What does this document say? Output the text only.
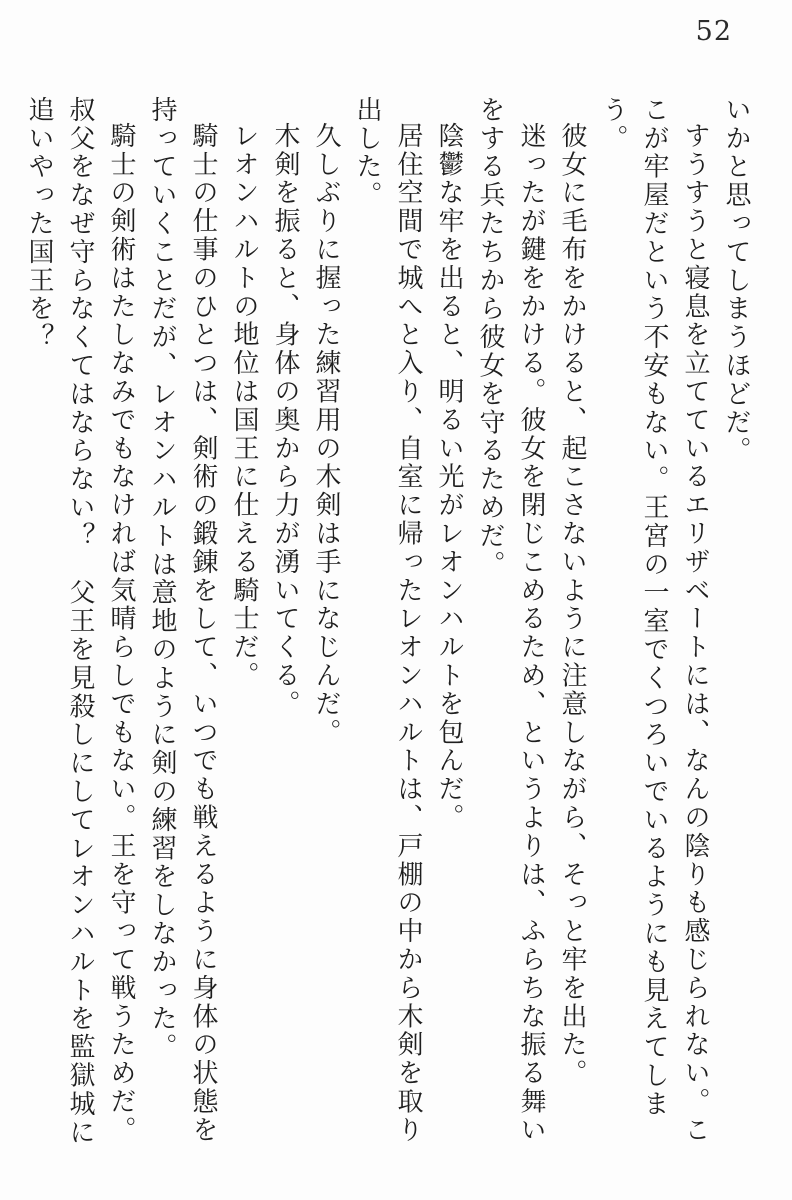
52

いかと思ってしまうほどだ。

すうすうと寝息を立てているエリザベートには、なんの陰りも感じられない。ここが牢屋だという不安もない。王宮の一室でくつろいでいるようにも見えてしまう。

彼女に毛布をかけると、起こさないように注意しながら、そっと牢を出た。

迷ったが鍵をかける。彼女を閉じこめるため、というよりは、ふらちな振る舞いをする兵たちから彼女を守るためだ。

陰鬱な牢を出ると、明るい光がレオンハルトを包んだ。

居住空間で城へと入り、自室に帰ったレオンハルトは、戸棚の中から木剣を取り出した。

久しぶりに握った練習用の木剣は手になじんだ。

木剣を振ると、身体の奥から力が湧いてくる。

レオンハルトの地位は国王に仕える騎士だ。

騎士の仕事のひとつは、剣術の鍛錬をして、いつでも戦えるように身体の状態を持っていくことだが、レオンハルトは意地のように剣の練習をしなかった。

騎士の剣術はたしなみでもなければ気晴らしでもない。王を守って戦うためだ。叔父をなぜ守らなくてはならない？　父王を見殺しにしてレオンハルトを監獄城に追いやった国王を？
